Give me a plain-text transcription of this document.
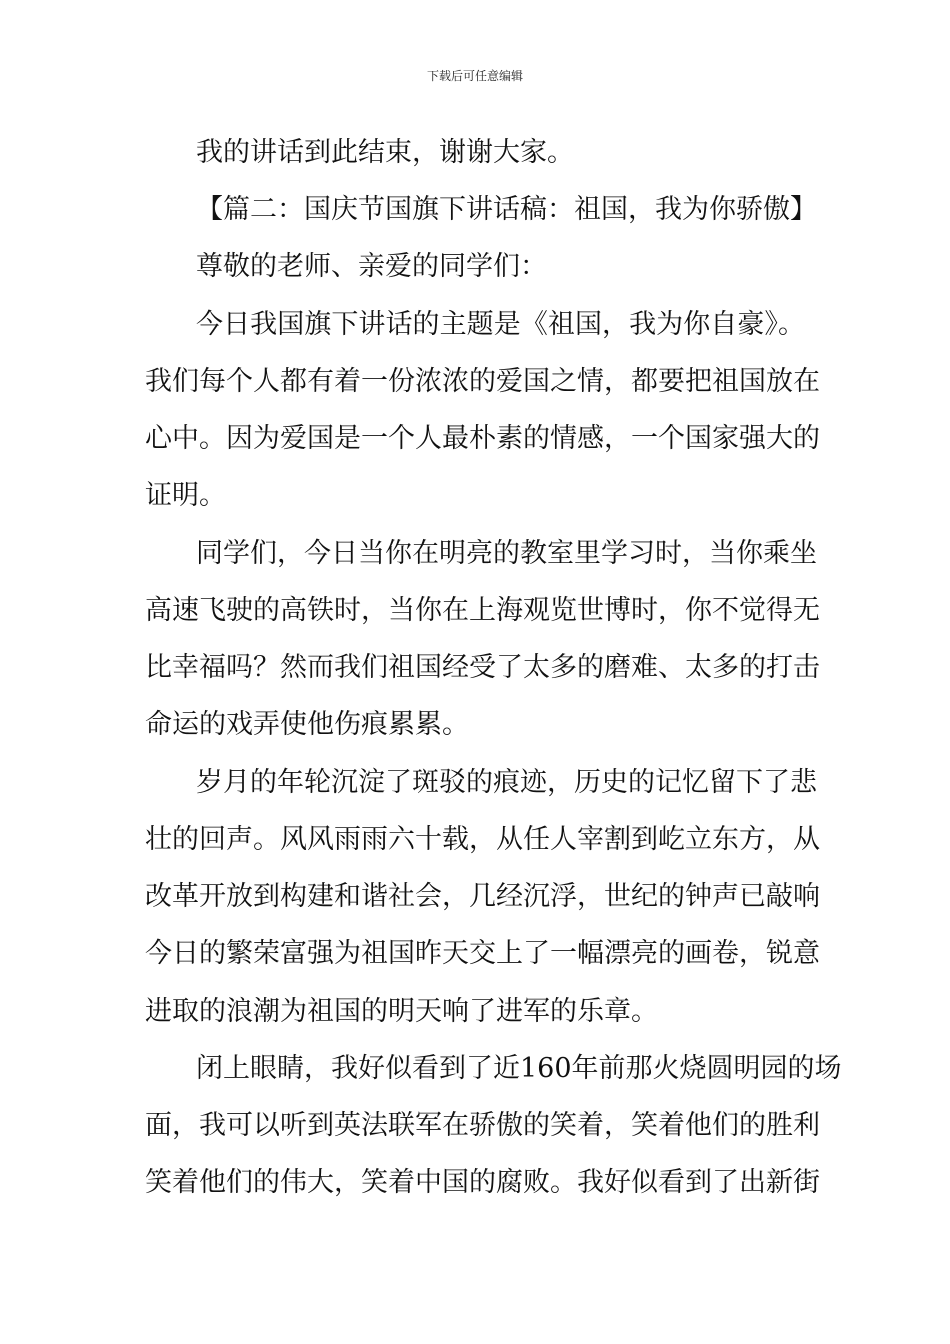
下载后可任意编辑
我的讲话到此结束，谢谢大家。
【篇二：国庆节国旗下讲话稿：祖国，我为你骄傲】
尊敬的老师、亲爱的同学们：
今日我国旗下讲话的主题是《祖国，我为你自豪》。
我们每个人都有着一份浓浓的爱国之情，都要把祖国放在
心中。因为爱国是一个人最朴素的情感，一个国家强大的
证明。
同学们，今日当你在明亮的教室里学习时，当你乘坐
高速飞驶的高铁时，当你在上海观览世博时，你不觉得无
比幸福吗？然而我们祖国经受了太多的磨难、太多的打击
命运的戏弄使他伤痕累累。
岁月的年轮沉淀了斑驳的痕迹，历史的记忆留下了悲
壮的回声。风风雨雨六十载，从任人宰割到屹立东方，从
改革开放到构建和谐社会，几经沉浮，世纪的钟声已敲响
今日的繁荣富强为祖国昨天交上了一幅漂亮的画卷，锐意
进取的浪潮为祖国的明天响了进军的乐章。
闭上眼睛，我好似看到了近160年前那火烧圆明园的场
面，我可以听到英法联军在骄傲的笑着，笑着他们的胜利
笑着他们的伟大，笑着中国的腐败。我好似看到了出新街
